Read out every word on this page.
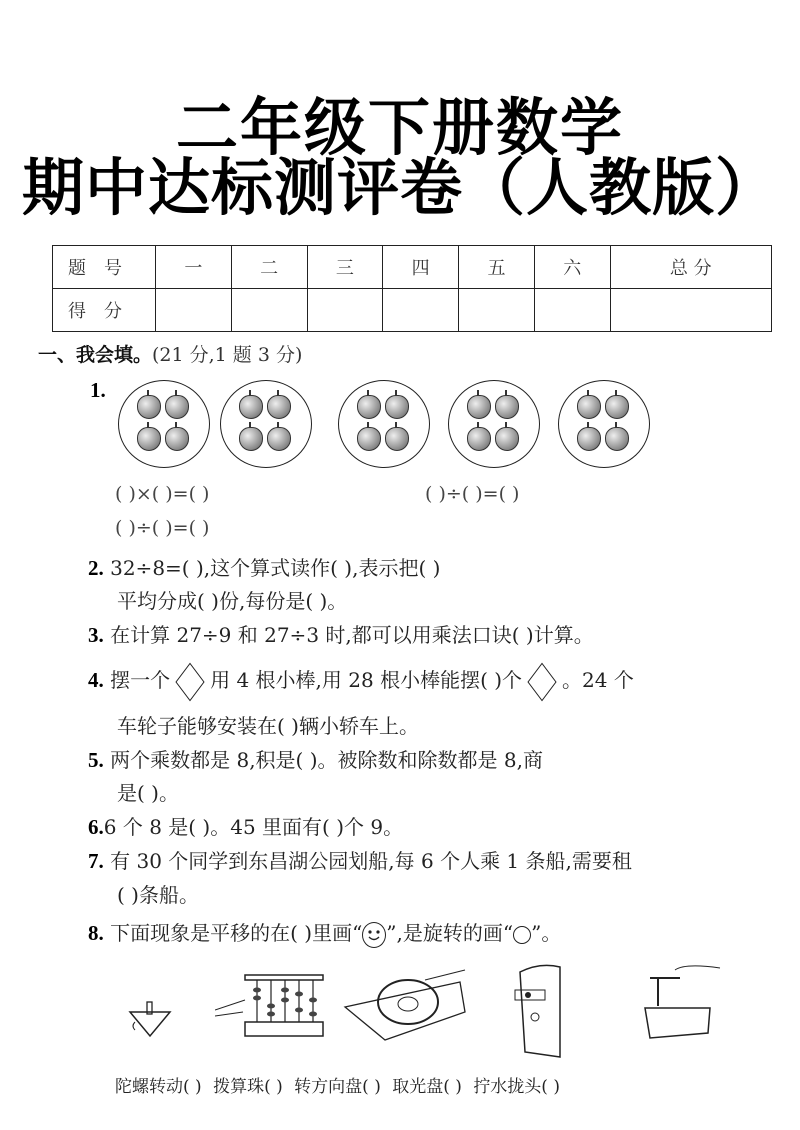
二年级下册数学
期中达标测评卷（人教版）
题号	一	二	三	四	五	六	总 分
得分							
一、我会填。(21 分,1 题 3 分)
1.
( )×( )=( )	( )÷( )=( )
( )÷( )=( )
2. 32÷8=( ),这个算式读作( ),表示把( )
平均分成( )份,每份是( )。
3. 在计算 27÷9 和 27÷3 时,都可以用乘法口诀( )计算。
4. 摆一个 用 4 根小棒,用 28 根小棒能摆( )个 。24 个
车轮子能够安装在( )辆小轿车上。
5. 两个乘数都是 8,积是( )。被除数和除数都是 8,商
是( )。
6.6 个 8 是( )。45 里面有( )个 9。
7. 有 30 个同学到东昌湖公园划船,每 6 个人乘 1 条船,需要租
( )条船。
8. 下面现象是平移的在( )里画“ ”,是旋转的画“ ”。
陀螺转动( ) 拨算珠( ) 转方向盘( ) 取光盘( ) 拧水拢头( )
